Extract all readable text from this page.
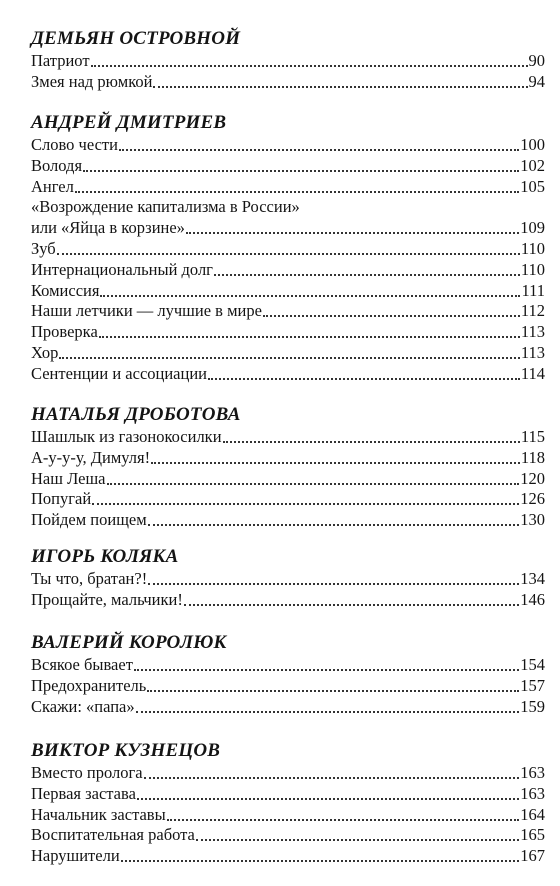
ДЕМЬЯН ОСТРОВНОЙ
Патриот	90
Змея над рюмкой	94
АНДРЕЙ ДМИТРИЕВ
Слово чести	100
Володя	102
Ангел	105
«Возрождение капитализма в России»
или «Яйца в корзине»	109
Зуб	110
Интернациональный долг	110
Комиссия	111
Наши летчики — лучшие в мире	112
Проверка	113
Хор	113
Сентенции и ассоциации	114
НАТАЛЬЯ ДРОБОТОВА
Шашлык из газонокосилки	115
А-у-у-у, Димуля!	118
Наш Леша	120
Попугай	126
Пойдем поищем	130
ИГОРЬ КОЛЯКА
Ты что, братан?!	134
Прощайте, мальчики!	146
ВАЛЕРИЙ КОРОЛЮК
Всякое бывает	154
Предохранитель	157
Скажи: «папа»	159
ВИКТОР КУЗНЕЦОВ
Вместо пролога	163
Первая застава	163
Начальник заставы	164
Воспитательная работа	165
Нарушители	167
